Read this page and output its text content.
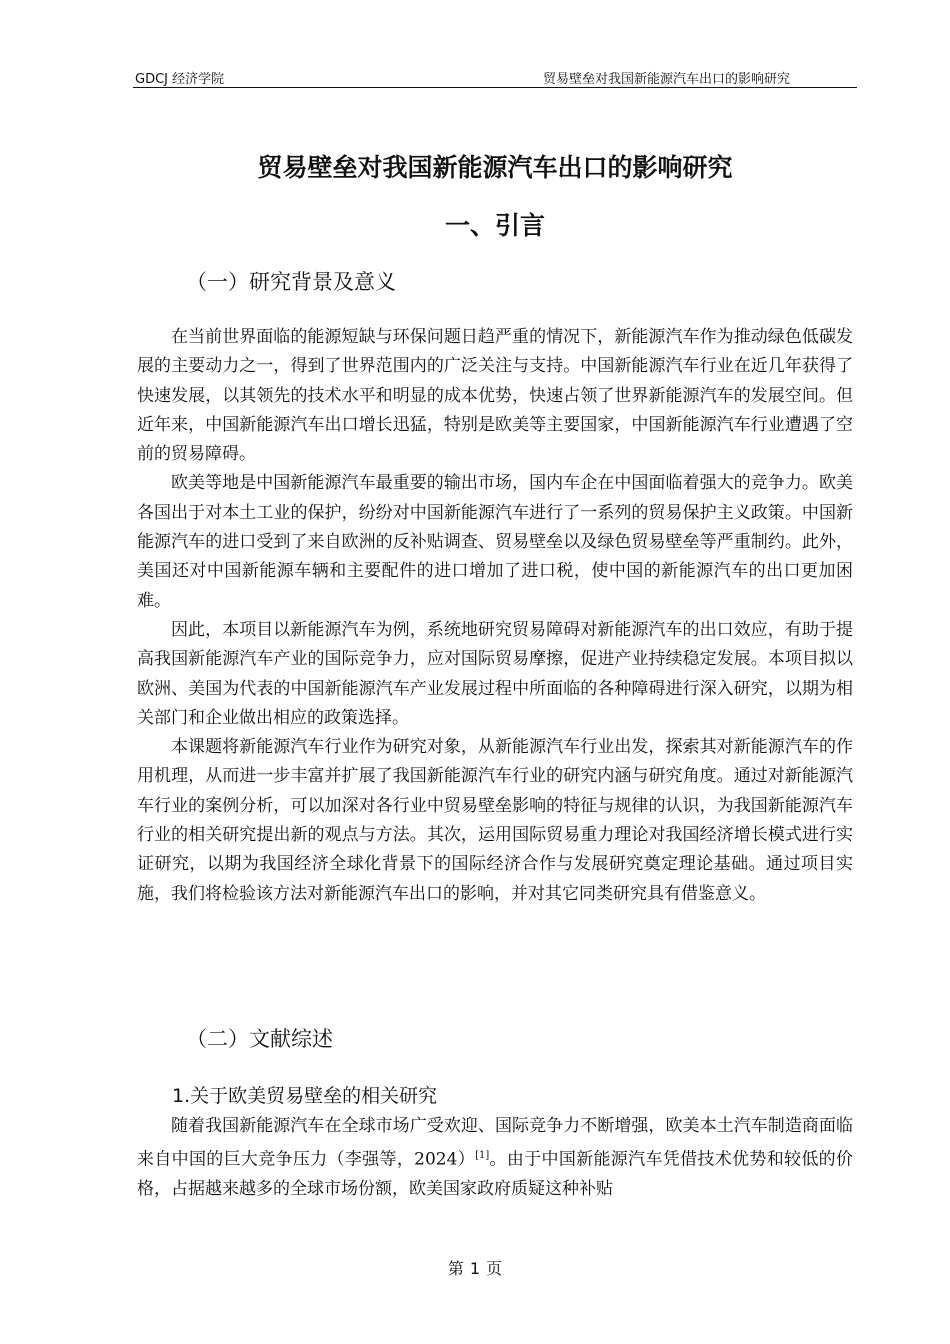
GDCJ 经济学院	贸易壁垒对我国新能源汽车出口的影响研究
贸易壁垒对我国新能源汽车出口的影响研究
一、引言
（一）研究背景及意义

在当前世界面临的能源短缺与环保问题日趋严重的情况下，新能源汽车作为推动绿色低碳发展的主要动力之一，得到了世界范围内的广泛关注与支持。中国新能源汽车行业在近几年获得了快速发展，以其领先的技术水平和明显的成本优势，快速占领了世界新能源汽车的发展空间。但近年来，中国新能源汽车出口增长迅猛，特别是欧美等主要国家，中国新能源汽车行业遭遇了空前的贸易障碍。

欧美等地是中国新能源汽车最重要的输出市场，国内车企在中国面临着强大的竞争力。欧美各国出于对本土工业的保护，纷纷对中国新能源汽车进行了一系列的贸易保护主义政策。中国新能源汽车的进口受到了来自欧洲的反补贴调查、贸易壁垒以及绿色贸易壁垒等严重制约。此外，美国还对中国新能源车辆和主要配件的进口增加了进口税，使中国的新能源汽车的出口更加困难。

因此，本项目以新能源汽车为例，系统地研究贸易障碍对新能源汽车的出口效应，有助于提高我国新能源汽车产业的国际竞争力，应对国际贸易摩擦，促进产业持续稳定发展。本项目拟以欧洲、美国为代表的中国新能源汽车产业发展过程中所面临的各种障碍进行深入研究，以期为相关部门和企业做出相应的政策选择。

本课题将新能源汽车行业作为研究对象，从新能源汽车行业出发，探索其对新能源汽车的作用机理，从而进一步丰富并扩展了我国新能源汽车行业的研究内涵与研究角度。通过对新能源汽车行业的案例分析，可以加深对各行业中贸易壁垒影响的特征与规律的认识，为我国新能源汽车行业的相关研究提出新的观点与方法。其次，运用国际贸易重力理论对我国经济增长模式进行实证研究，以期为我国经济全球化背景下的国际经济合作与发展研究奠定理论基础。通过项目实施，我们将检验该方法对新能源汽车出口的影响，并对其它同类研究具有借鉴意义。

（二）文献综述
1.关于欧美贸易壁垒的相关研究

随着我国新能源汽车在全球市场广受欢迎、国际竞争力不断增强，欧美本土汽车制造商面临来自中国的巨大竞争压力（李强等，2024）[1]。由于中国新能源汽车凭借技术优势和较低的价格，占据越来越多的全球市场份额，欧美国家政府质疑这种补贴

第 1 页
